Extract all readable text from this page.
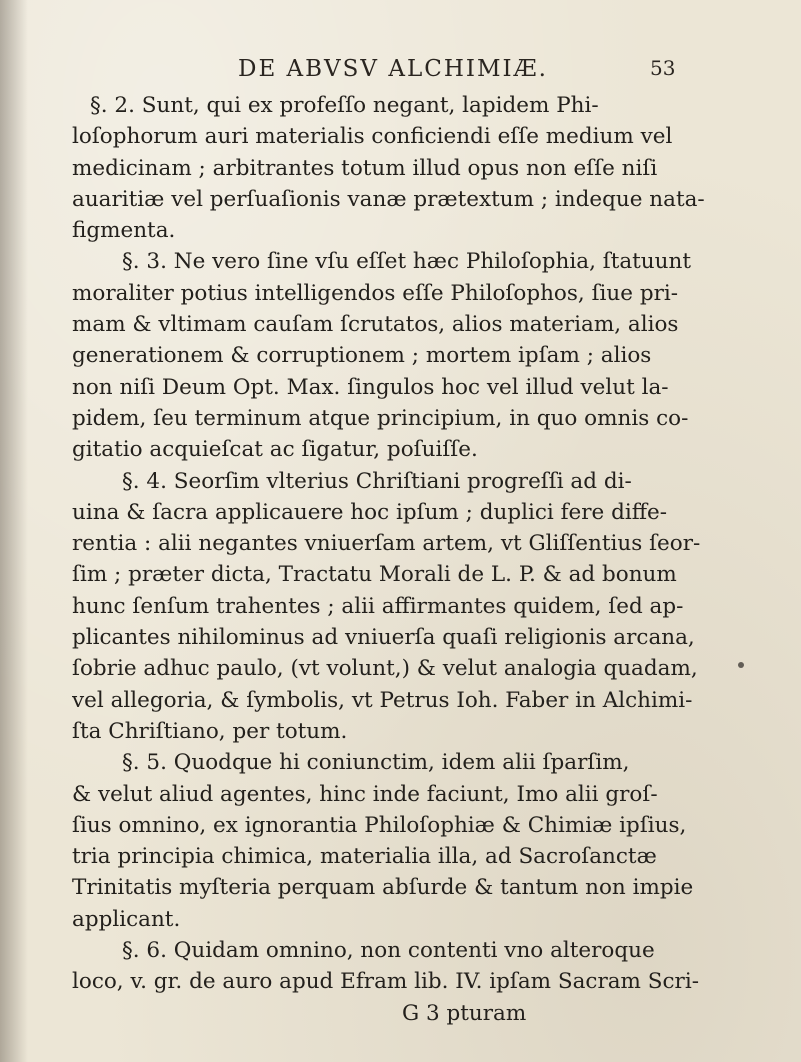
DE ABVSV ALCHIMIÆ.	53
§. 2. Sunt, qui ex profeſſo negant, lapidem Phi-
loſophorum auri materialis conficiendi eſſe medium vel
medicinam ; arbitrantes totum illud opus non eſſe niſi
auaritiæ vel perſuaſionis vanæ prætextum ; indeque nata-
figmenta.
§. 3. Ne vero ſine vſu eſſet hæc Philoſophia, ſtatuunt
moraliter potius intelligendos eſſe Philoſophos, ſiue pri-
mam & vltimam cauſam ſcrutatos, alios materiam, alios
generationem & corruptionem ; mortem ipſam ; alios
non niſi Deum Opt. Max. ſingulos hoc vel illud velut la-
pidem, ſeu terminum atque principium, in quo omnis co-
gitatio acquieſcat ac ſigatur, poſuiſſe.
§. 4. Seorſim vlterius Chriſtiani progreſſi ad di-
uina & ſacra applicauere hoc ipſum ; duplici fere diffe-
rentia : alii negantes vniuerſam artem, vt Gliſſentius ſeor-
ſim ; præter dicta, Tractatu Morali de L. P. & ad bonum
hunc ſenſum trahentes ; alii affirmantes quidem, ſed ap-
plicantes nihilominus ad vniuerſa quaſi religionis arcana,
ſobrie adhuc paulo, (vt volunt,) & velut analogia quadam,
vel allegoria, & ſymbolis, vt Petrus Ioh. Faber in Alchimi-
ſta Chriſtiano, per totum.
§. 5. Quodque hi coniunctim, idem alii ſparſim,
& velut aliud agentes, hinc inde faciunt, Imo alii groſ-
ſius omnino, ex ignorantia Philoſophiæ & Chimiæ ipſius,
tria principia chimica, materialia illa, ad Sacroſanctæ
Trinitatis myſteria perquam abſurde & tantum non impie
applicant.
§. 6. Quidam omnino, non contenti vno alteroque
loco, v. gr. de auro apud Efram lib. IV. ipſam Sacram Scri-
G 3 pturam
